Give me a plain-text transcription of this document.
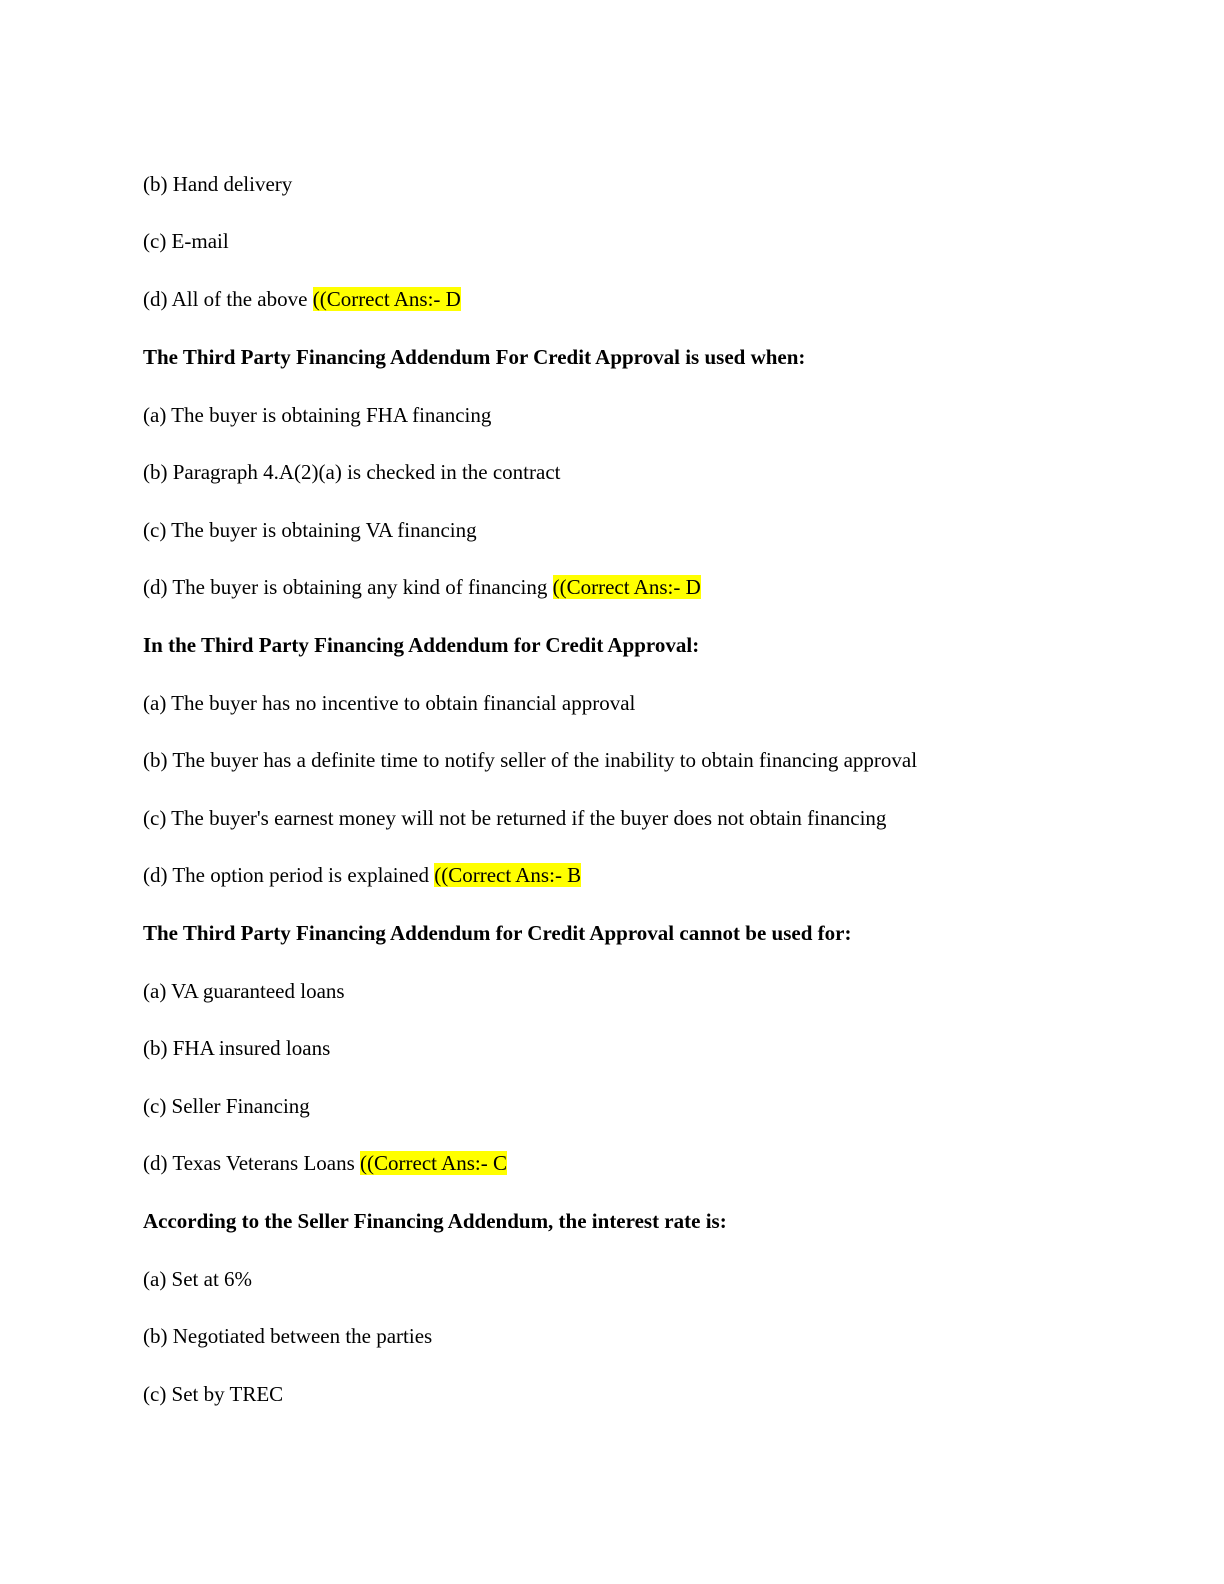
(b) Hand delivery
(c) E-mail
(d) All of the above ((Correct Ans:- D
The Third Party Financing Addendum For Credit Approval is used when:
(a) The buyer is obtaining FHA financing
(b) Paragraph 4.A(2)(a) is checked in the contract
(c) The buyer is obtaining VA financing
(d) The buyer is obtaining any kind of financing ((Correct Ans:- D
In the Third Party Financing Addendum for Credit Approval:
(a) The buyer has no incentive to obtain financial approval
(b) The buyer has a definite time to notify seller of the inability to obtain financing approval
(c) The buyer's earnest money will not be returned if the buyer does not obtain financing
(d) The option period is explained ((Correct Ans:- B
The Third Party Financing Addendum for Credit Approval cannot be used for:
(a) VA guaranteed loans
(b) FHA insured loans
(c) Seller Financing
(d) Texas Veterans Loans ((Correct Ans:- C
According to the Seller Financing Addendum, the interest rate is:
(a) Set at 6%
(b) Negotiated between the parties
(c) Set by TREC
